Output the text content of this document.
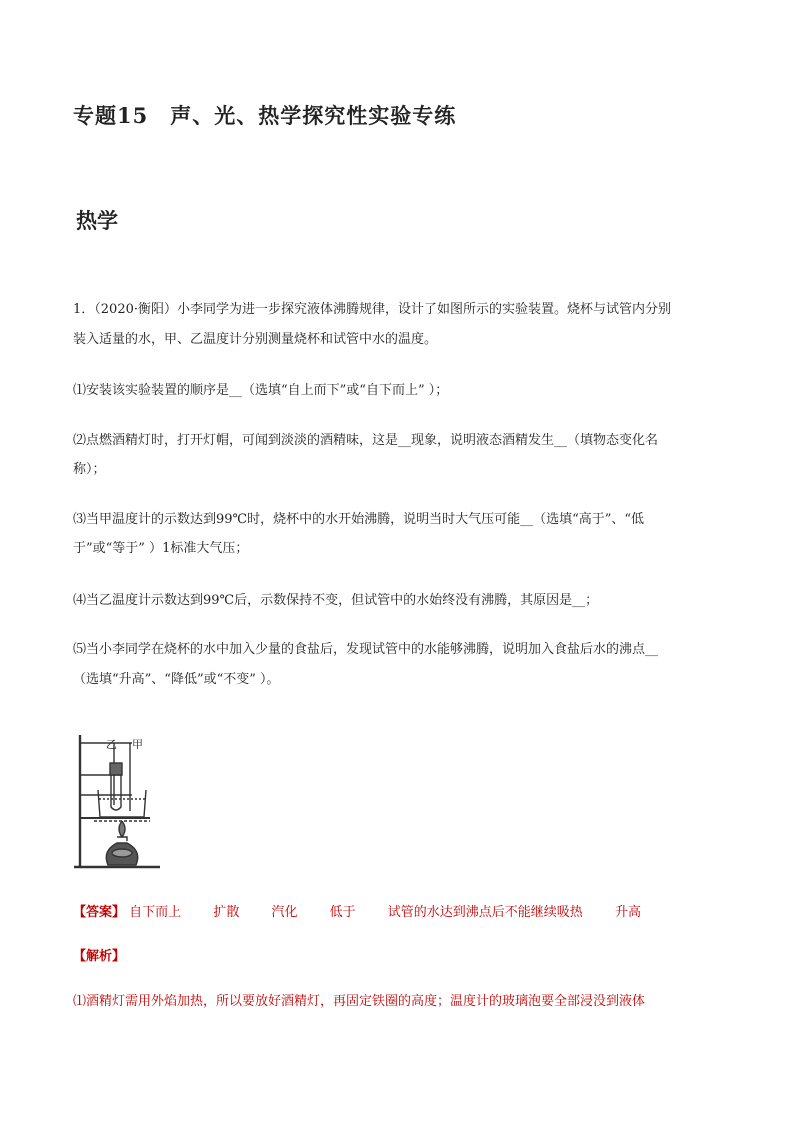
专题15　声、光、热学探究性实验专练
热学
1．（2020·衡阳）小李同学为进一步探究液体沸腾规律，设计了如图所示的实验装置。烧杯与试管内分别
装入适量的水，甲、乙温度计分别测量烧杯和试管中水的温度。
⑴安装该实验装置的顺序是__（选填“自上而下”或“自下而上” ）；
⑵点燃酒精灯时，打开灯帽，可闻到淡淡的酒精味，这是__现象，说明液态酒精发生__（填物态变化名
称）；
⑶当甲温度计的示数达到99℃时，烧杯中的水开始沸腾，说明当时大气压可能__（选填“高于”、“低
于”或“等于” ）1标准大气压；
⑷当乙温度计示数达到99℃后，示数保持不变，但试管中的水始终没有沸腾，其原因是__；
⑸当小李同学在烧杯的水中加入少量的食盐后，发现试管中的水能够沸腾，说明加入食盐后水的沸点__
（选填“升高”、“降低”或“不变” ）。
乙 甲
【答案】 自下而上 扩散 汽化 低于 试管的水达到沸点后不能继续吸热 升高
【解析】
⑴酒精灯需用外焰加热，所以要放好酒精灯，再固定铁圈的高度；温度计的玻璃泡要全部浸没到液体
